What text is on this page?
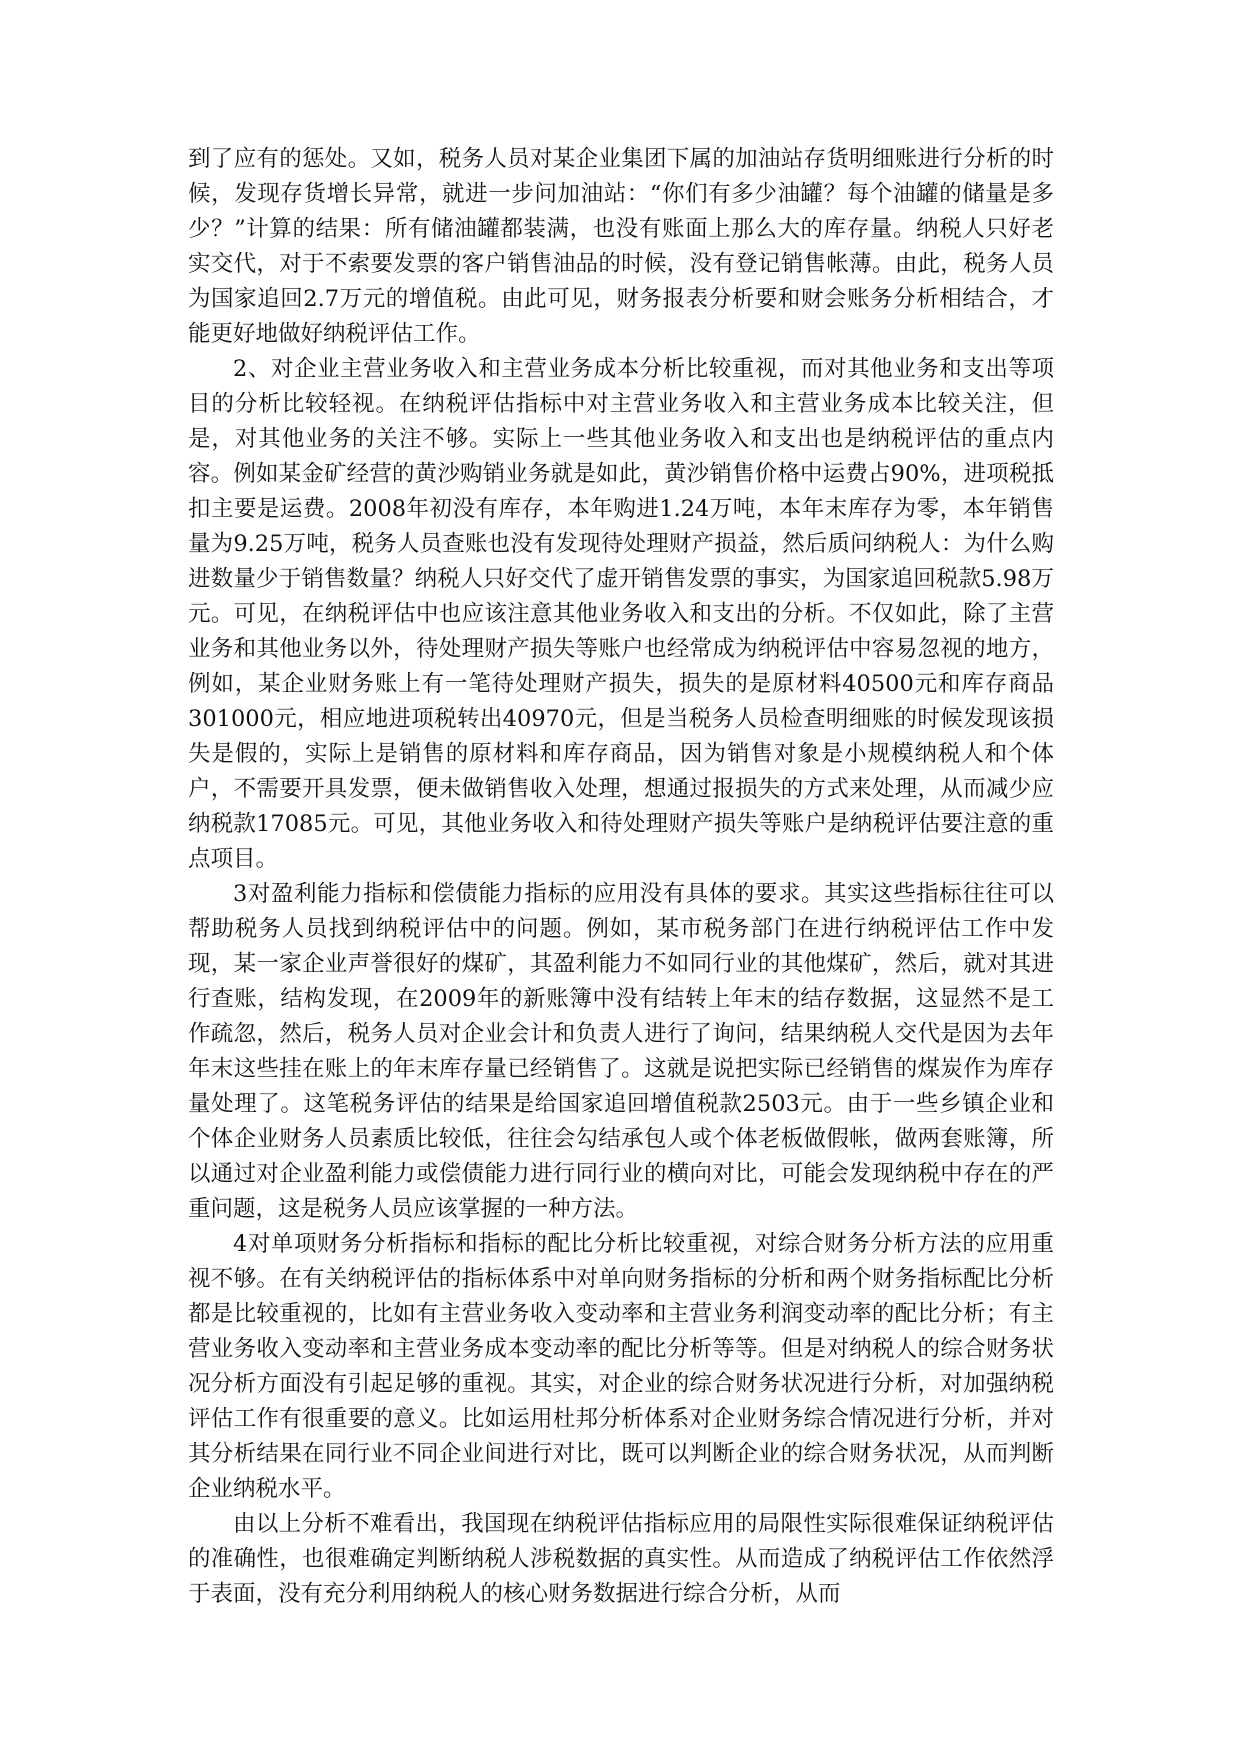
到了应有的惩处。又如，税务人员对某企业集团下属的加油站存货明细账进行分析的时候，发现存货增长异常，就进一步问加油站：“你们有多少油罐？每个油罐的储量是多少？”计算的结果：所有储油罐都装满，也没有账面上那么大的库存量。纳税人只好老实交代，对于不索要发票的客户销售油品的时候，没有登记销售帐薄。由此，税务人员为国家追回2.7万元的增值税。由此可见，财务报表分析要和财会账务分析相结合，才能更好地做好纳税评估工作。

2、对企业主营业务收入和主营业务成本分析比较重视，而对其他业务和支出等项目的分析比较轻视。在纳税评估指标中对主营业务收入和主营业务成本比较关注，但是，对其他业务的关注不够。实际上一些其他业务收入和支出也是纳税评估的重点内容。例如某金矿经营的黄沙购销业务就是如此，黄沙销售价格中运费占90%，进项税抵扣主要是运费。2008年初没有库存，本年购进1.24万吨，本年末库存为零，本年销售量为9.25万吨，税务人员查账也没有发现待处理财产损益，然后质问纳税人：为什么购进数量少于销售数量？纳税人只好交代了虚开销售发票的事实，为国家追回税款5.98万元。可见，在纳税评估中也应该注意其他业务收入和支出的分析。不仅如此，除了主营业务和其他业务以外，待处理财产损失等账户也经常成为纳税评估中容易忽视的地方，例如，某企业财务账上有一笔待处理财产损失，损失的是原材料40500元和库存商品301000元，相应地进项税转出40970元，但是当税务人员检查明细账的时候发现该损失是假的，实际上是销售的原材料和库存商品，因为销售对象是小规模纳税人和个体户，不需要开具发票，便未做销售收入处理，想通过报损失的方式来处理，从而减少应纳税款17085元。可见，其他业务收入和待处理财产损失等账户是纳税评估要注意的重点项目。

3对盈利能力指标和偿债能力指标的应用没有具体的要求。其实这些指标往往可以帮助税务人员找到纳税评估中的问题。例如，某市税务部门在进行纳税评估工作中发现，某一家企业声誉很好的煤矿，其盈利能力不如同行业的其他煤矿，然后，就对其进行查账，结构发现，在2009年的新账簿中没有结转上年末的结存数据，这显然不是工作疏忽，然后，税务人员对企业会计和负责人进行了询问，结果纳税人交代是因为去年年末这些挂在账上的年末库存量已经销售了。这就是说把实际已经销售的煤炭作为库存量处理了。这笔税务评估的结果是给国家追回增值税款2503元。由于一些乡镇企业和个体企业财务人员素质比较低，往往会勾结承包人或个体老板做假帐，做两套账簿，所以通过对企业盈利能力或偿债能力进行同行业的横向对比，可能会发现纳税中存在的严重问题，这是税务人员应该掌握的一种方法。

4对单项财务分析指标和指标的配比分析比较重视，对综合财务分析方法的应用重视不够。在有关纳税评估的指标体系中对单向财务指标的分析和两个财务指标配比分析都是比较重视的，比如有主营业务收入变动率和主营业务利润变动率的配比分析；有主营业务收入变动率和主营业务成本变动率的配比分析等等。但是对纳税人的综合财务状况分析方面没有引起足够的重视。其实，对企业的综合财务状况进行分析，对加强纳税评估工作有很重要的意义。比如运用杜邦分析体系对企业财务综合情况进行分析，并对其分析结果在同行业不同企业间进行对比，既可以判断企业的综合财务状况，从而判断企业纳税水平。

由以上分析不难看出，我国现在纳税评估指标应用的局限性实际很难保证纳税评估的准确性，也很难确定判断纳税人涉税数据的真实性。从而造成了纳税评估工作依然浮于表面，没有充分利用纳税人的核心财务数据进行综合分析，从而
